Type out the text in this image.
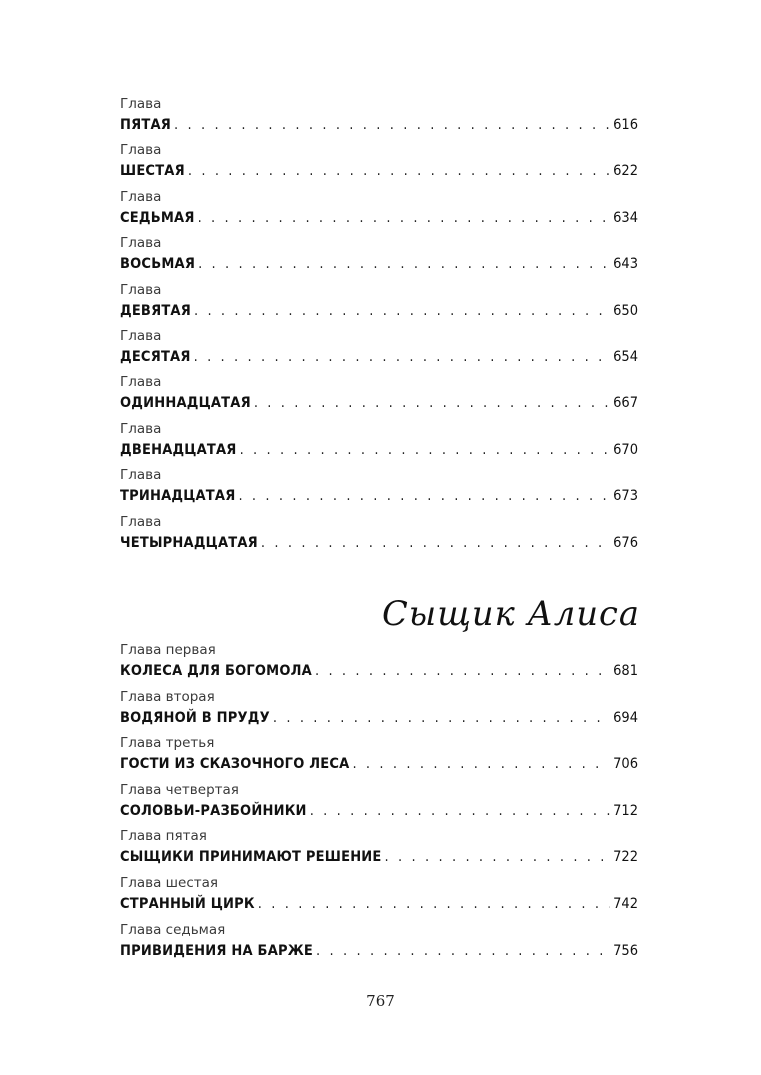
Глава
ПЯТАЯ . . .	616
Глава
ШЕСТАЯ . . .	622
Глава
СЕДЬМАЯ . . .	634
Глава
ВОСЬМАЯ . . .	643
Глава
ДЕВЯТАЯ . . .	650
Глава
ДЕСЯТАЯ . . .	654
Глава
ОДИННАДЦАТАЯ . . .	667
Глава
ДВЕНАДЦАТАЯ . . .	670
Глава
ТРИНАДЦАТАЯ . . .	673
Глава
ЧЕТЫРНАДЦАТАЯ . . .	676
Сыщик Алиса
Глава первая
КОЛЕСА ДЛЯ БОГОМОЛА . . .	681
Глава вторая
ВОДЯНОЙ В ПРУДУ . . .	694
Глава третья
ГОСТИ ИЗ СКАЗОЧНОГО ЛЕСА . . .	706
Глава четвертая
СОЛОВЬИ-РАЗБОЙНИКИ . . .	712
Глава пятая
СЫЩИКИ ПРИНИМАЮТ РЕШЕНИЕ . . .	722
Глава шестая
СТРАННЫЙ ЦИРК . . .	742
Глава седьмая
ПРИВИДЕНИЯ НА БАРЖЕ . . .	756
767
